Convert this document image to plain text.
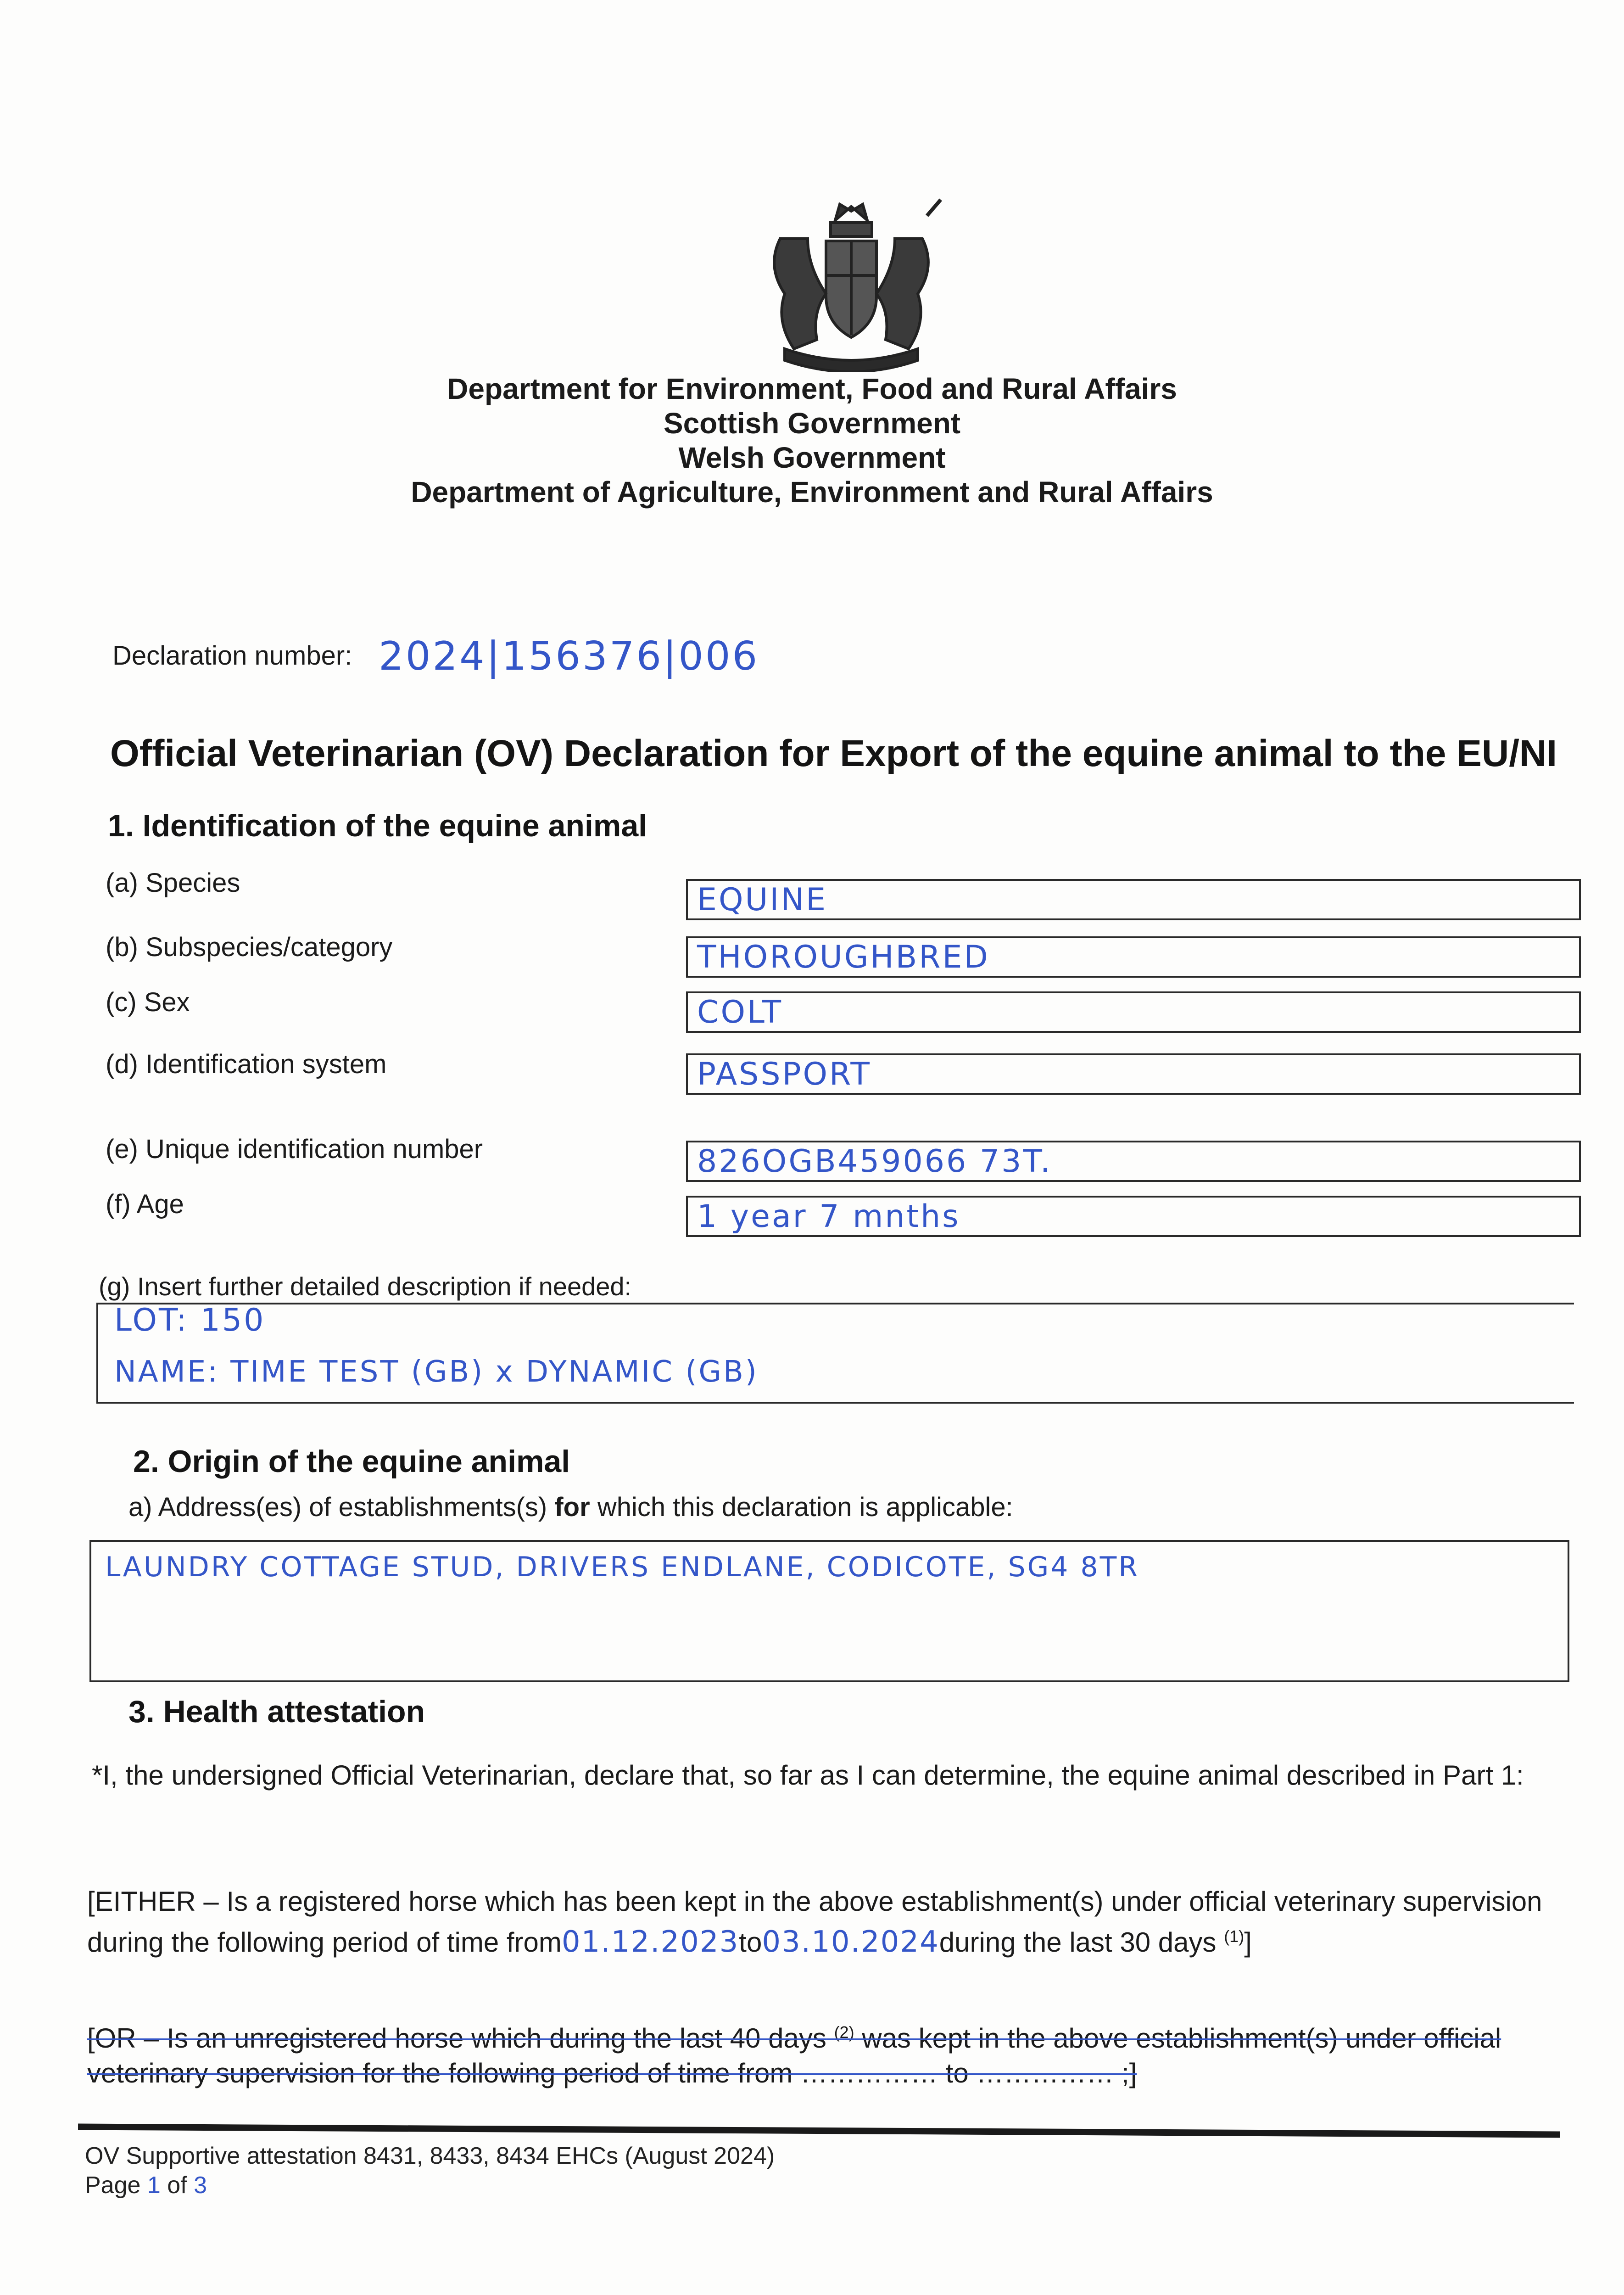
Department for Environment, Food and Rural Affairs
Scottish Government
Welsh Government
Department of Agriculture, Environment and Rural Affairs
Declaration number: 2024|156376|006
Official Veterinarian (OV) Declaration for Export of the equine animal to the EU/NI
1. Identification of the equine animal
(a) Species	EQUINE
(b) Subspecies/category	THOROUGHBRED
(c) Sex	COLT
(d) Identification system	PASSPORT
(e) Unique identification number	826OGB459066 73T.
(f) Age	1 year 7 mnths
(g) Insert further detailed description if needed:
LOT: 150
NAME: TIME TEST (GB) x DYNAMIC (GB)
2. Origin of the equine animal
a) Address(es) of establishments(s) for which this declaration is applicable:
LAUNDRY COTTAGE STUD, DRIVERS ENDLANE, CODICOTE, SG4 8TR
3. Health attestation
*I, the undersigned Official Veterinarian, declare that, so far as I can determine, the equine animal described in Part 1:
[EITHER – Is a registered horse which has been kept in the above establishment(s) under official veterinary supervision during the following period of time from01.12.2023to03.10.2024during the last 30 days $^{(1)}$]
[OR – Is an unregistered horse which during the last 40 days $^{(2)}$ was kept in the above establishment(s) under official veterinary supervision for the following period of time from …………… to …………… ;]
OV Supportive attestation 8431, 8433, 8434 EHCs (August 2024)
Page 1 of 3
